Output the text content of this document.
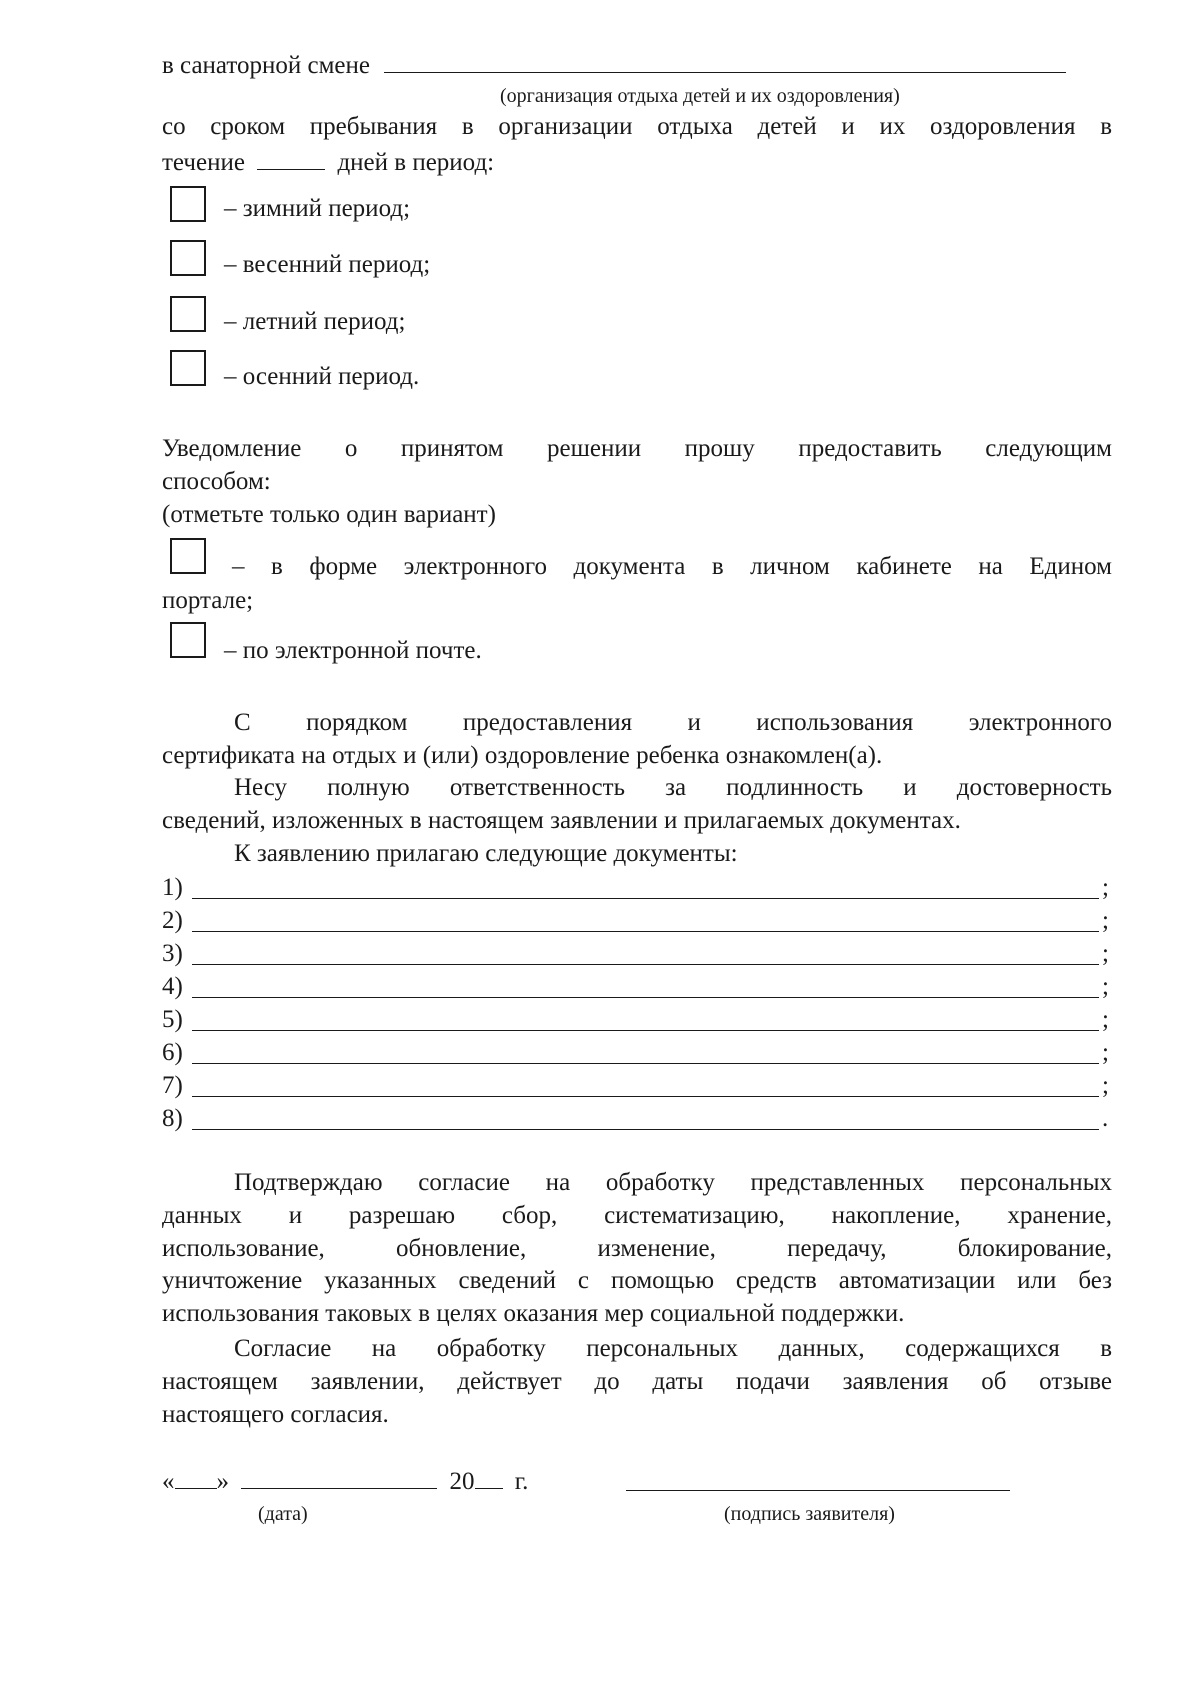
в санаторной смене
(организация отдыха детей и их оздоровления)
со сроком пребывания в организации отдыха детей и их оздоровления в
течение	дней в период:
– зимний период;
– весенний период;
– летний период;
– осенний период.
Уведомление о принятом решении прошу предоставить следующим
способом:
(отметьте только один вариант)
– в форме электронного документа в личном кабинете на Едином
портале;
– по электронной почте.
С порядком предоставления и использования электронного
сертификата на отдых и (или) оздоровление ребенка ознакомлен(а).
Несу полную ответственность за подлинность и достоверность
сведений, изложенных в настоящем заявлении и прилагаемых документах.
К заявлению прилагаю следующие документы:
1)	;
2)	;
3)	;
4)	;
5)	;
6)	;
7)	;
8)	.
Подтверждаю согласие на обработку представленных персональных
данных и разрешаю сбор, систематизацию, накопление, хранение,
использование, обновление, изменение, передачу, блокирование,
уничтожение указанных сведений с помощью средств автоматизации или без
использования таковых в целях оказания мер социальной поддержки.
Согласие на обработку персональных данных, содержащихся в
настоящем заявлении, действует до даты подачи заявления об отзыве
настоящего согласия.
« »	20 г.
(дата)	(подпись заявителя)
